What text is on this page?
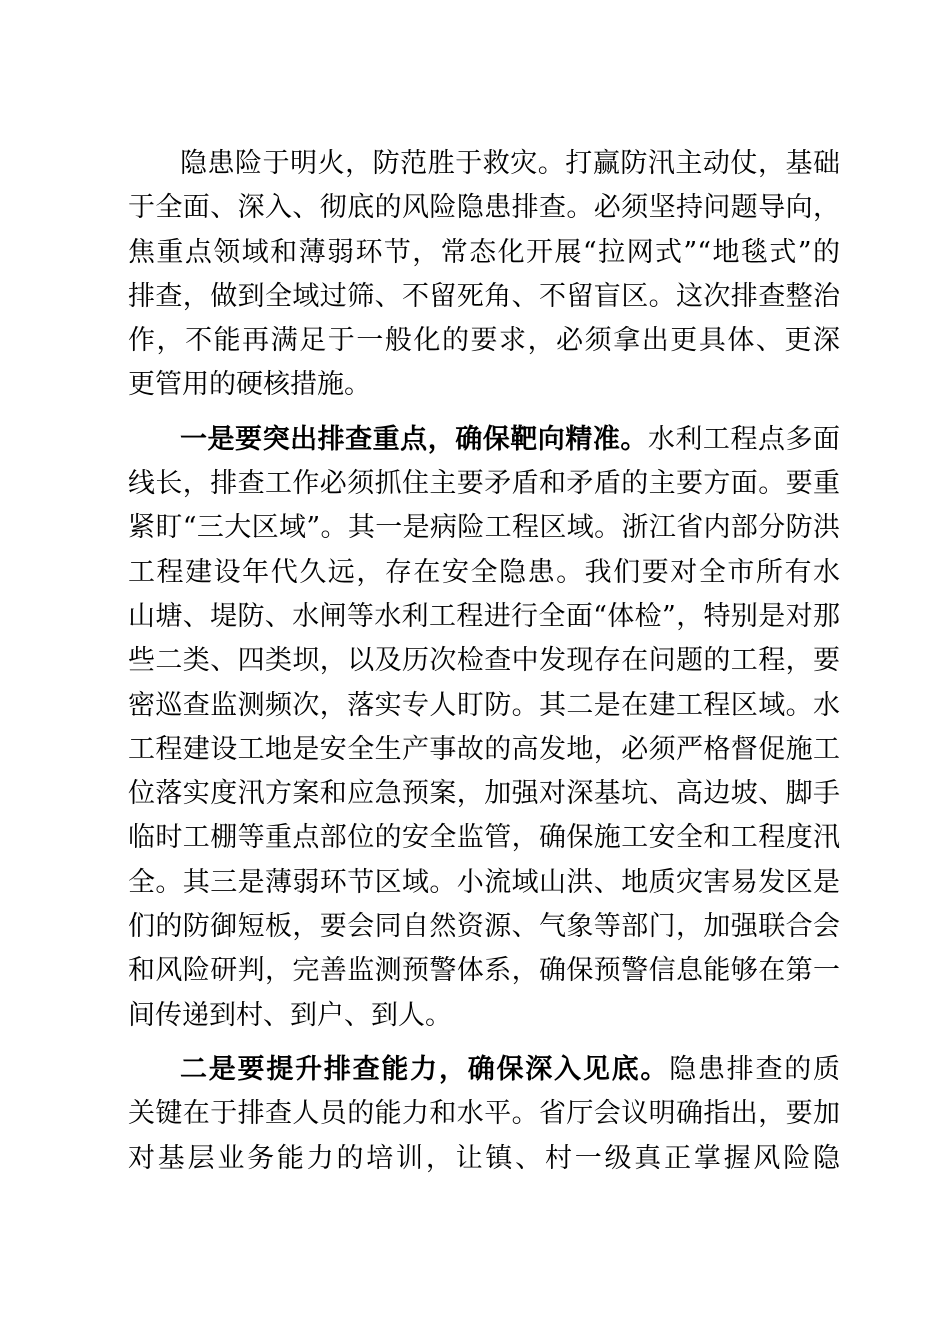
隐患险于明火，防范胜于救灾。打赢防汛主动仗，基础
于全面、深入、彻底的风险隐患排查。必须坚持问题导向，
焦重点领域和薄弱环节，常态化开展“拉网式”“地毯式”的
排查，做到全域过筛、不留死角、不留盲区。这次排查整治
作，不能再满足于一般化的要求，必须拿出更具体、更深
更管用的硬核措施。
一是要突出排查重点，确保靶向精准。水利工程点多面
线长，排查工作必须抓住主要矛盾和矛盾的主要方面。要重
紧盯“三大区域”。其一是病险工程区域。浙江省内部分防洪
工程建设年代久远，存在安全隐患。我们要对全市所有水
山塘、堤防、水闸等水利工程进行全面“体检”，特别是对那
些二类、四类坝，以及历次检查中发现存在问题的工程，要
密巡查监测频次，落实专人盯防。其二是在建工程区域。水
工程建设工地是安全生产事故的高发地，必须严格督促施工
位落实度汛方案和应急预案，加强对深基坑、高边坡、脚手
临时工棚等重点部位的安全监管，确保施工安全和工程度汛
全。其三是薄弱环节区域。小流域山洪、地质灾害易发区是
们的防御短板，要会同自然资源、气象等部门，加强联合会
和风险研判，完善监测预警体系，确保预警信息能够在第一
间传递到村、到户、到人。
二是要提升排查能力，确保深入见底。隐患排查的质
关键在于排查人员的能力和水平。省厅会议明确指出，要加
对基层业务能力的培训，让镇、村一级真正掌握风险隐
